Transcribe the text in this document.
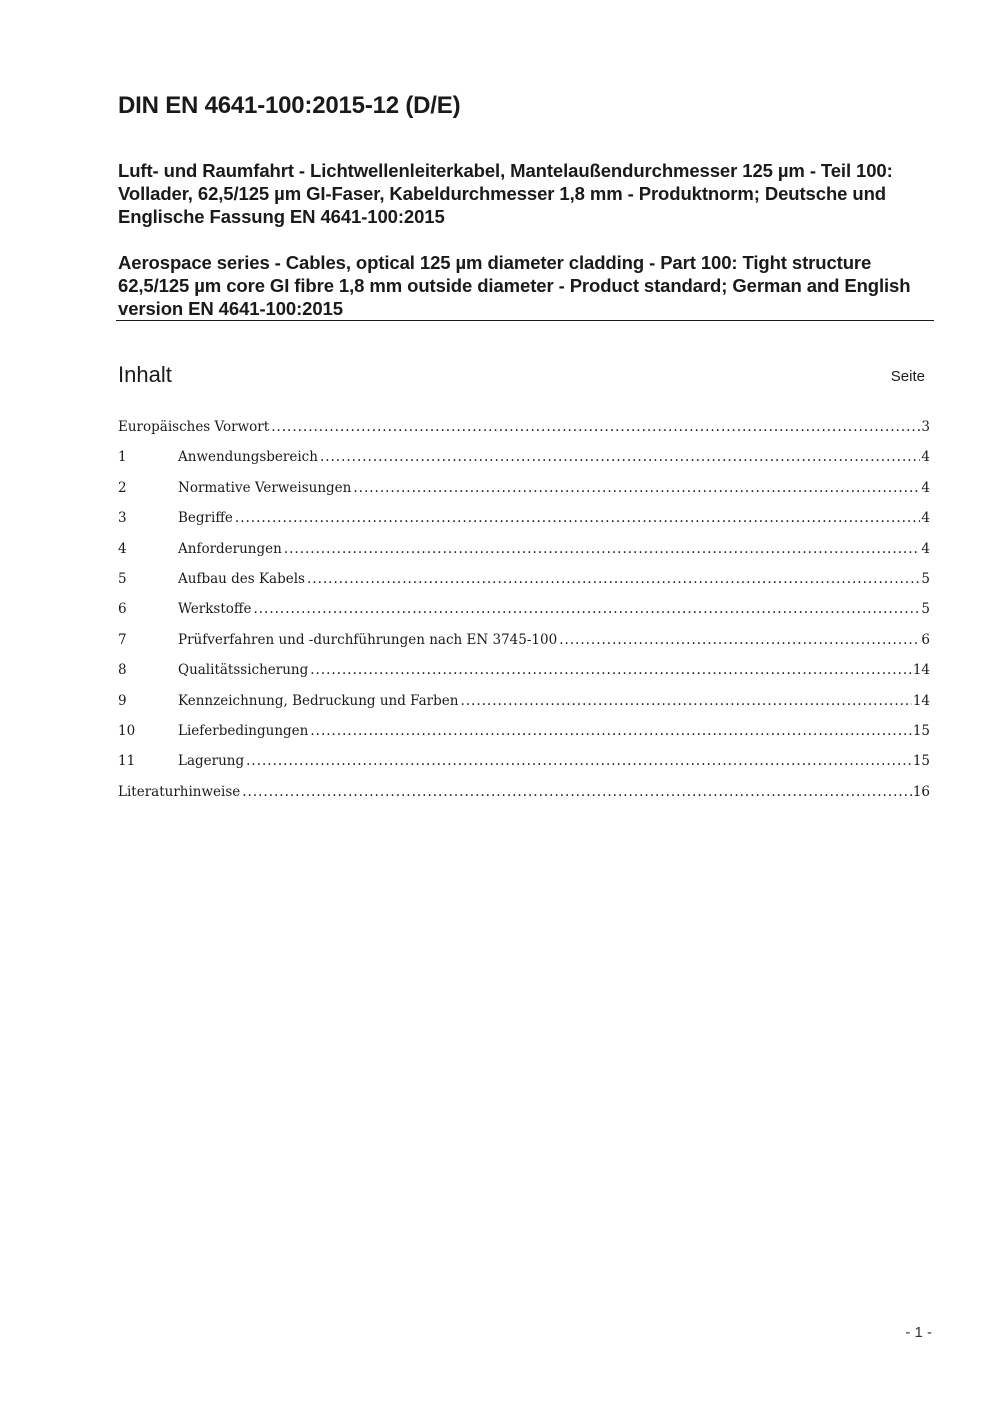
DIN EN 4641-100:2015-12 (D/E)

Luft- und Raumfahrt - Lichtwellenleiterkabel, Mantelaußendurchmesser 125 µm - Teil 100: Vollader, 62,5/125 µm GI-Faser, Kabeldurchmesser 1,8 mm - Produktnorm; Deutsche und Englische Fassung EN 4641-100:2015

Aerospace series - Cables, optical 125 µm diameter cladding - Part 100: Tight structure 62,5/125 µm core GI fibre 1,8 mm outside diameter - Product standard; German and English version EN 4641-100:2015

Inhalt	Seite
Europäisches Vorwort .....	3
1	Anwendungsbereich .....	4
2	Normative Verweisungen .....	4
3	Begriffe .....	4
4	Anforderungen .....	4
5	Aufbau des Kabels .....	5
6	Werkstoffe .....	5
7	Prüfverfahren und -durchführungen nach EN 3745-100 .....	6
8	Qualitätssicherung .....	14
9	Kennzeichnung, Bedruckung und Farben .....	14
10	Lieferbedingungen .....	15
11	Lagerung .....	15
Literaturhinweise .....	16
- 1 -
